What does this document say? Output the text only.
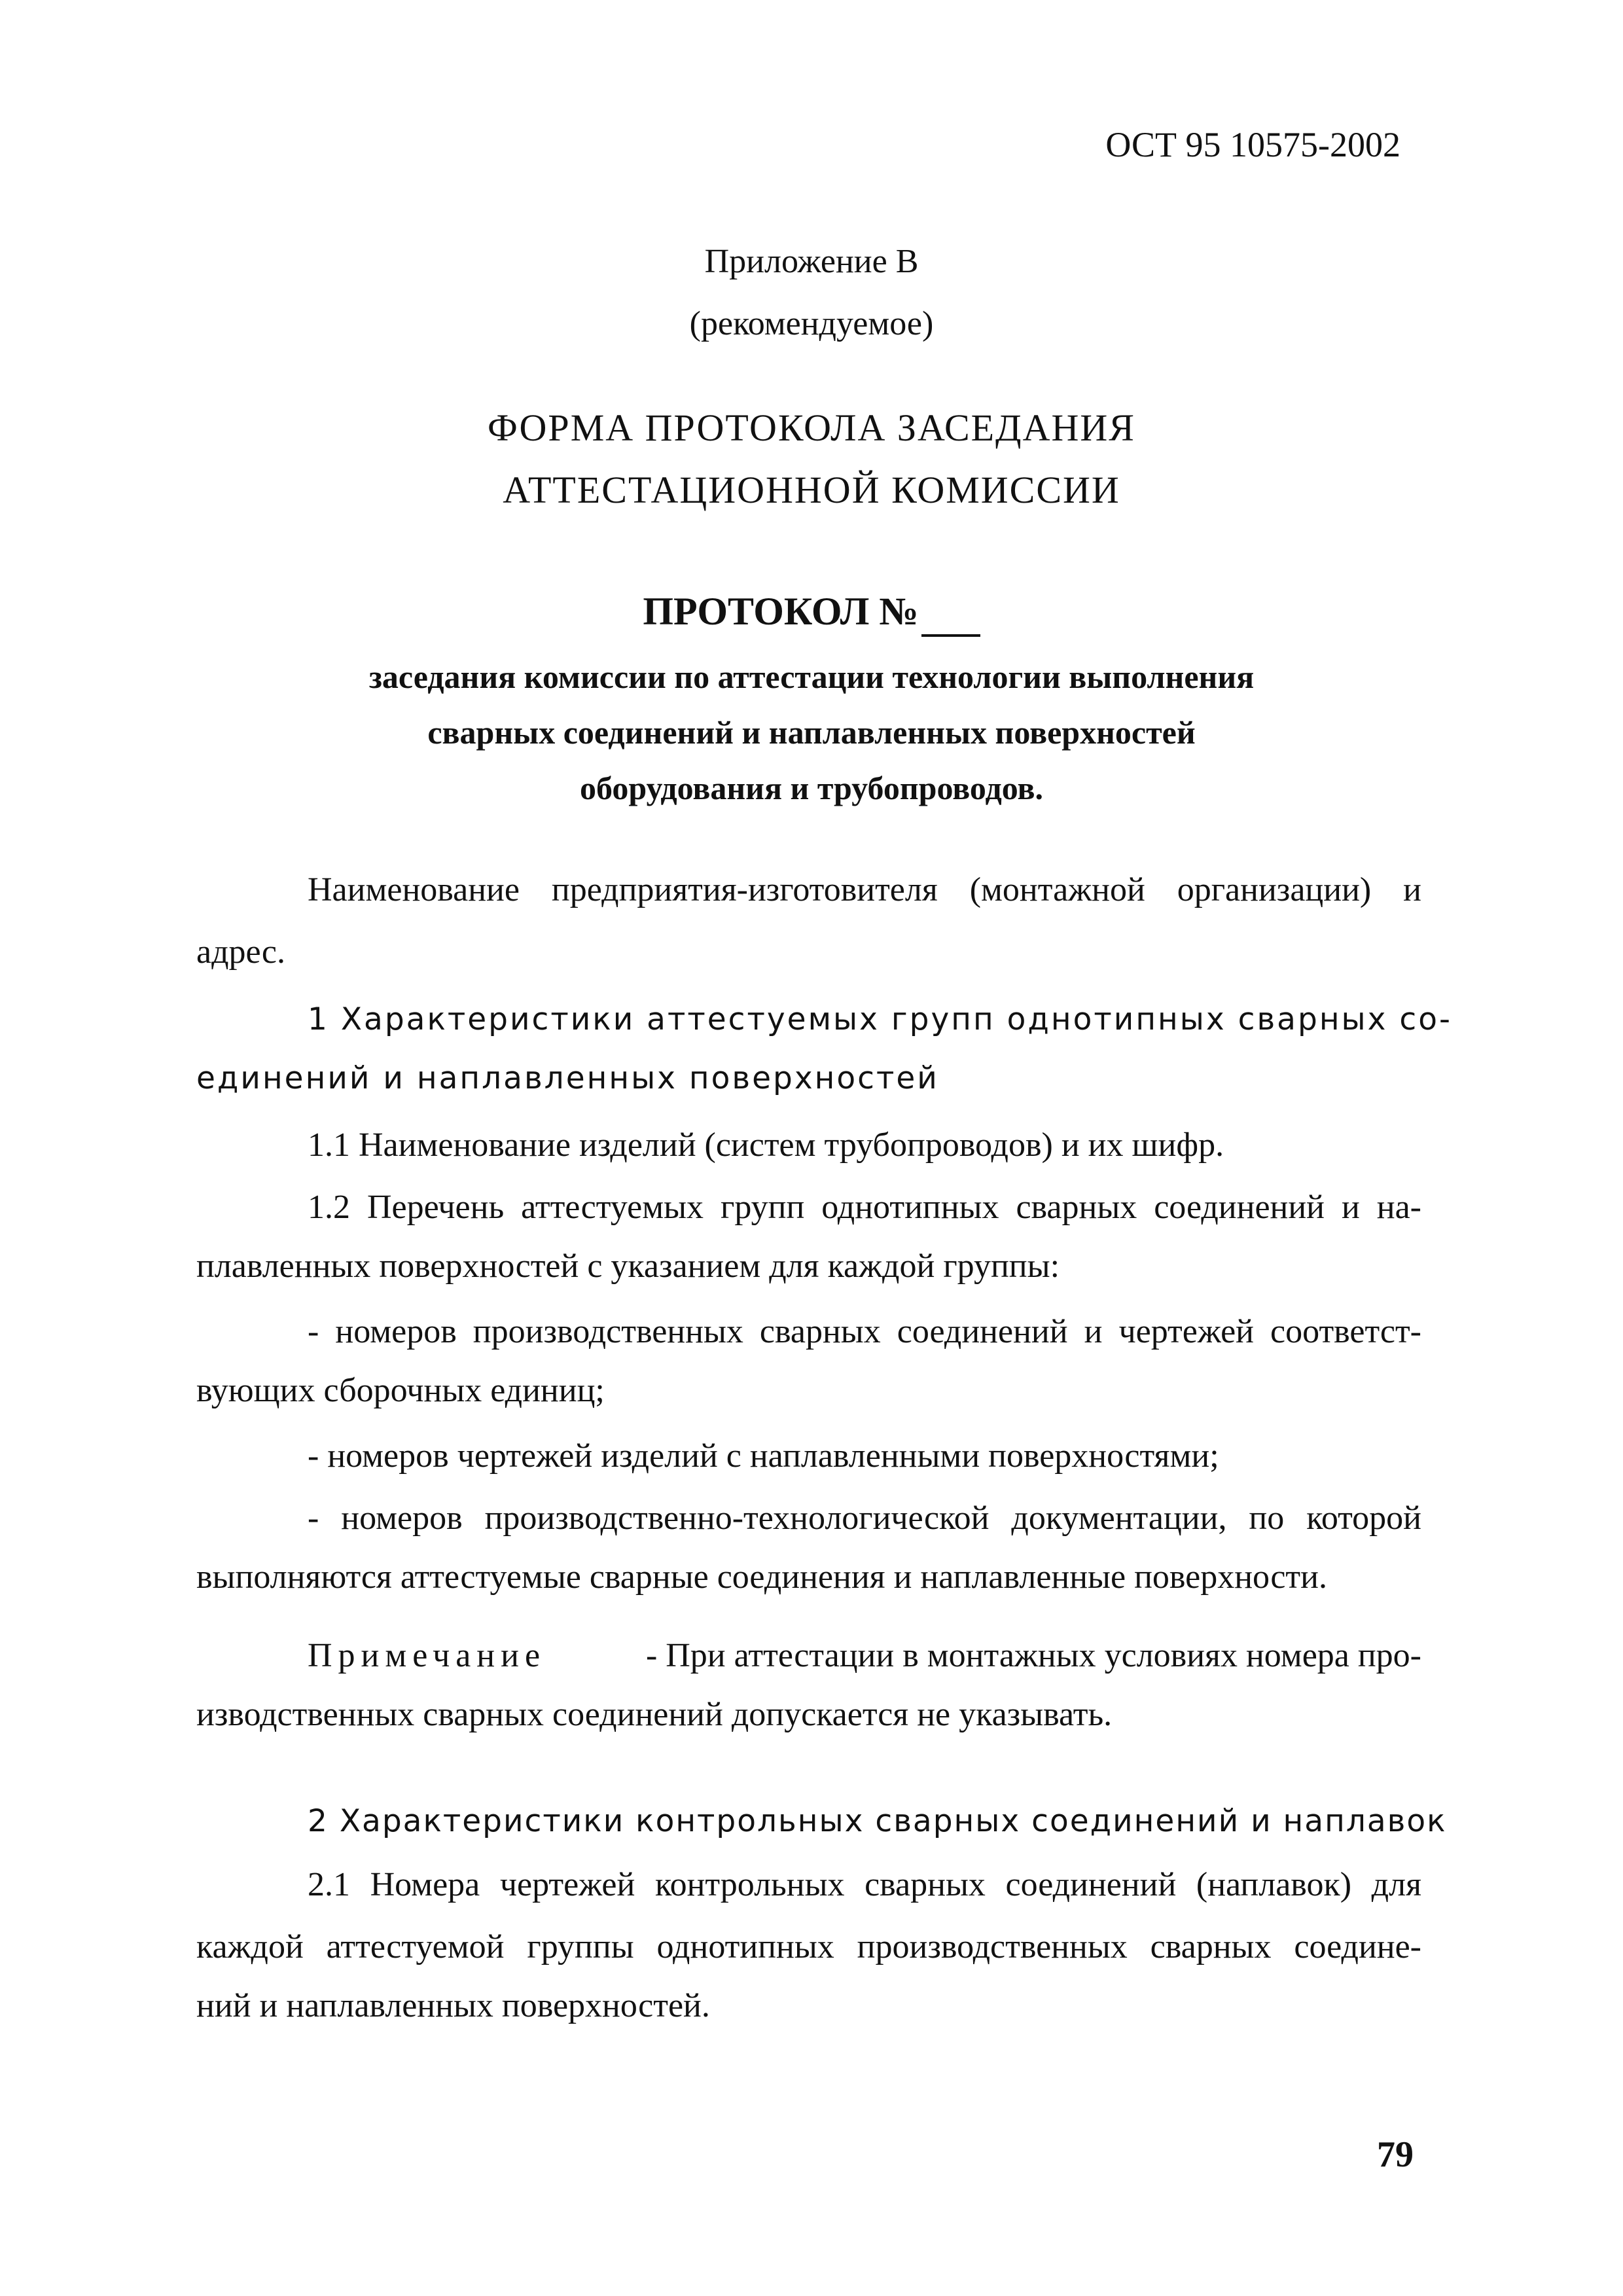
ОСТ 95 10575-2002
Приложение В
(рекомендуемое)
ФОРМА ПРОТОКОЛА ЗАСЕДАНИЯ
АТТЕСТАЦИОННОЙ КОМИССИИ
ПРОТОКОЛ №
заседания комиссии по аттестации технологии выполнения
сварных соединений и наплавленных поверхностей
оборудования и трубопроводов.
Наименование предприятия-изготовителя (монтажной организации) и
адрес.
1 Характеристики аттестуемых групп однотипных сварных со-
единений и наплавленных поверхностей
1.1 Наименование изделий (систем трубопроводов) и их шифр.
1.2 Перечень аттестуемых групп однотипных сварных соединений и на-
плавленных поверхностей с указанием для каждой группы:
- номеров производственных сварных соединений и чертежей соответст-
вующих сборочных единиц;
- номеров чертежей изделий с наплавленными поверхностями;
- номеров производственно-технологической документации, по которой
выполняются аттестуемые сварные соединения и наплавленные поверхности.
Примечание	- При аттестации в монтажных условиях номера про-
изводственных сварных соединений допускается не указывать.
2 Характеристики контрольных сварных соединений и наплавок
2.1 Номера чертежей контрольных сварных соединений (наплавок) для
каждой аттестуемой группы однотипных производственных сварных соедине-
ний и наплавленных поверхностей.
79
